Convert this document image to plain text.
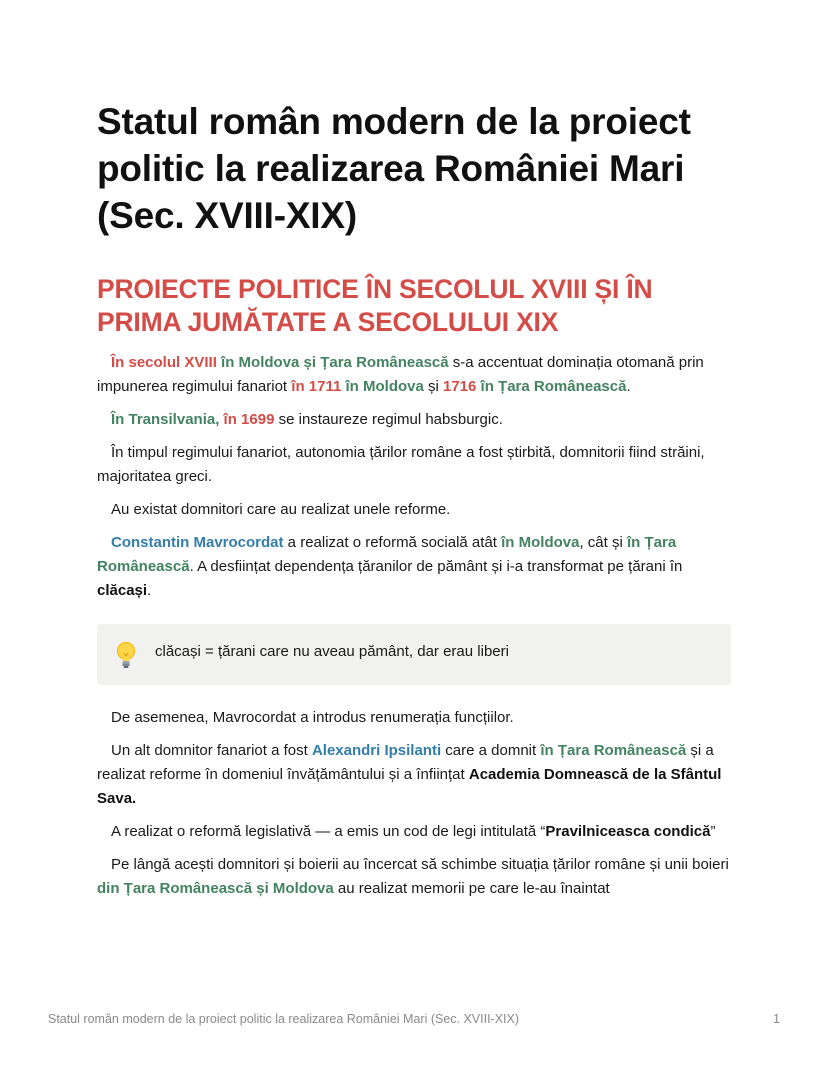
Statul român modern de la proiect politic la realizarea României Mari (Sec. XVIII-XIX)
PROIECTE POLITICE ÎN SECOLUL XVIII ȘI ÎN PRIMA JUMĂTATE A SECOLULUI XIX

În secolul XVIII în Moldova și Țara Românească s-a accentuat dominația otomană prin impunerea regimului fanariot în 1711 în Moldova și 1716 în Țara Românească.

În Transilvania, în 1699 se instaureze regimul habsburgic.

În timpul regimului fanariot, autonomia țărilor române a fost știrbită, domnitorii fiind străini, majoritatea greci.

Au existat domnitori care au realizat unele reforme.

Constantin Mavrocordat a realizat o reformă socială atât în Moldova, cât și în Țara Românească. A desființat dependența țăranilor de pământ și i-a transformat pe țărani în clăcași.

clăcași = țărani care nu aveau pământ, dar erau liberi

De asemenea, Mavrocordat a introdus renumerația funcțiilor.

Un alt domnitor fanariot a fost Alexandri Ipsilanti care a domnit în Țara Românească și a realizat reforme în domeniul învățământului și a înființat Academia Domnească de la Sfântul Sava.

A realizat o reformă legislativă — a emis un cod de legi intitulată “Pravilniceasca condică”

Pe lângă acești domnitori și boierii au încercat să schimbe situația țărilor române și unii boieri din Țara Românească și Moldova au realizat memorii pe care le-au înaintat

Statul român modern de la proiect politic la realizarea României Mari (Sec. XVIII-XIX)	1
